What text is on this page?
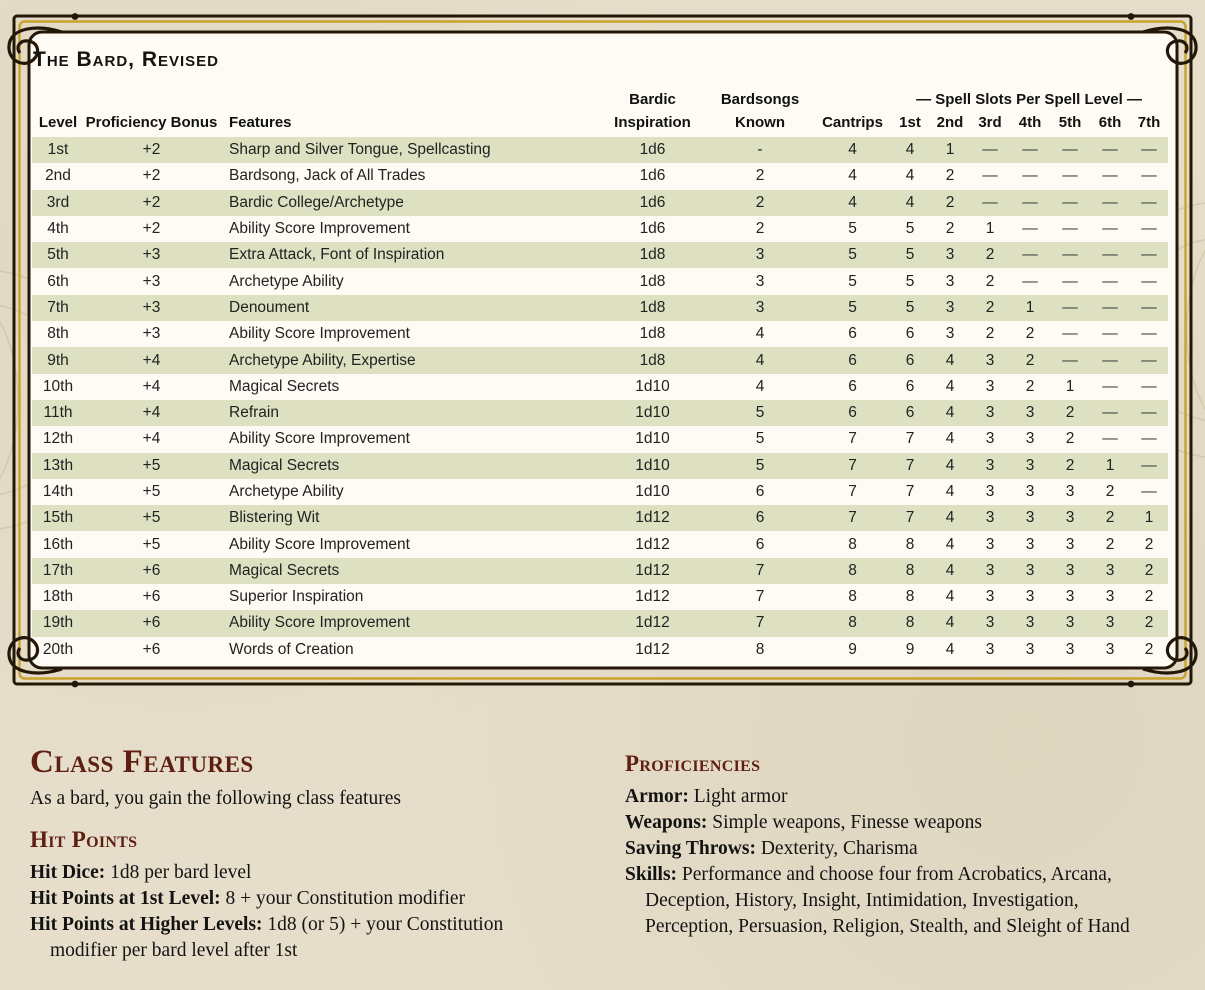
The Bard, Revised
			Bardic	Bardsongs		— Spell Slots Per Spell Level —						
Level	Proficiency Bonus	Features	Inspiration	Known	Cantrips	1st	2nd	3rd	4th	5th	6th	7th
1st	+2	Sharp and Silver Tongue, Spellcasting	1d6	-	4	4	1	—	—	—	—	—
2nd	+2	Bardsong, Jack of All Trades	1d6	2	4	4	2	—	—	—	—	—
3rd	+2	Bardic College/Archetype	1d6	2	4	4	2	—	—	—	—	—
4th	+2	Ability Score Improvement	1d6	2	5	5	2	1	—	—	—	—
5th	+3	Extra Attack, Font of Inspiration	1d8	3	5	5	3	2	—	—	—	—
6th	+3	Archetype Ability	1d8	3	5	5	3	2	—	—	—	—
7th	+3	Denoument	1d8	3	5	5	3	2	1	—	—	—
8th	+3	Ability Score Improvement	1d8	4	6	6	3	2	2	—	—	—
9th	+4	Archetype Ability, Expertise	1d8	4	6	6	4	3	2	—	—	—
10th	+4	Magical Secrets	1d10	4	6	6	4	3	2	1	—	—
11th	+4	Refrain	1d10	5	6	6	4	3	3	2	—	—
12th	+4	Ability Score Improvement	1d10	5	7	7	4	3	3	2	—	—
13th	+5	Magical Secrets	1d10	5	7	7	4	3	3	2	1	—
14th	+5	Archetype Ability	1d10	6	7	7	4	3	3	3	2	—
15th	+5	Blistering Wit	1d12	6	7	7	4	3	3	3	2	1
16th	+5	Ability Score Improvement	1d12	6	8	8	4	3	3	3	2	2
17th	+6	Magical Secrets	1d12	7	8	8	4	3	3	3	3	2
18th	+6	Superior Inspiration	1d12	7	8	8	4	3	3	3	3	2
19th	+6	Ability Score Improvement	1d12	7	8	8	4	3	3	3	3	2
20th	+6	Words of Creation	1d12	8	9	9	4	3	3	3	3	2
Class Features

As a bard, you gain the following class features

Hit Points

Hit Dice: 1d8 per bard level

Hit Points at 1st Level: 8 + your Constitution modifier

Hit Points at Higher Levels: 1d8 (or 5) + your Constitution modifier per bard level after 1st

Proficiencies

Armor: Light armor

Weapons: Simple weapons, Finesse weapons

Saving Throws: Dexterity, Charisma

Skills: Performance and choose four from Acrobatics, Arcana, Deception, History, Insight, Intimidation, Investigation, Perception, Persuasion, Religion, Stealth, and Sleight of Hand
